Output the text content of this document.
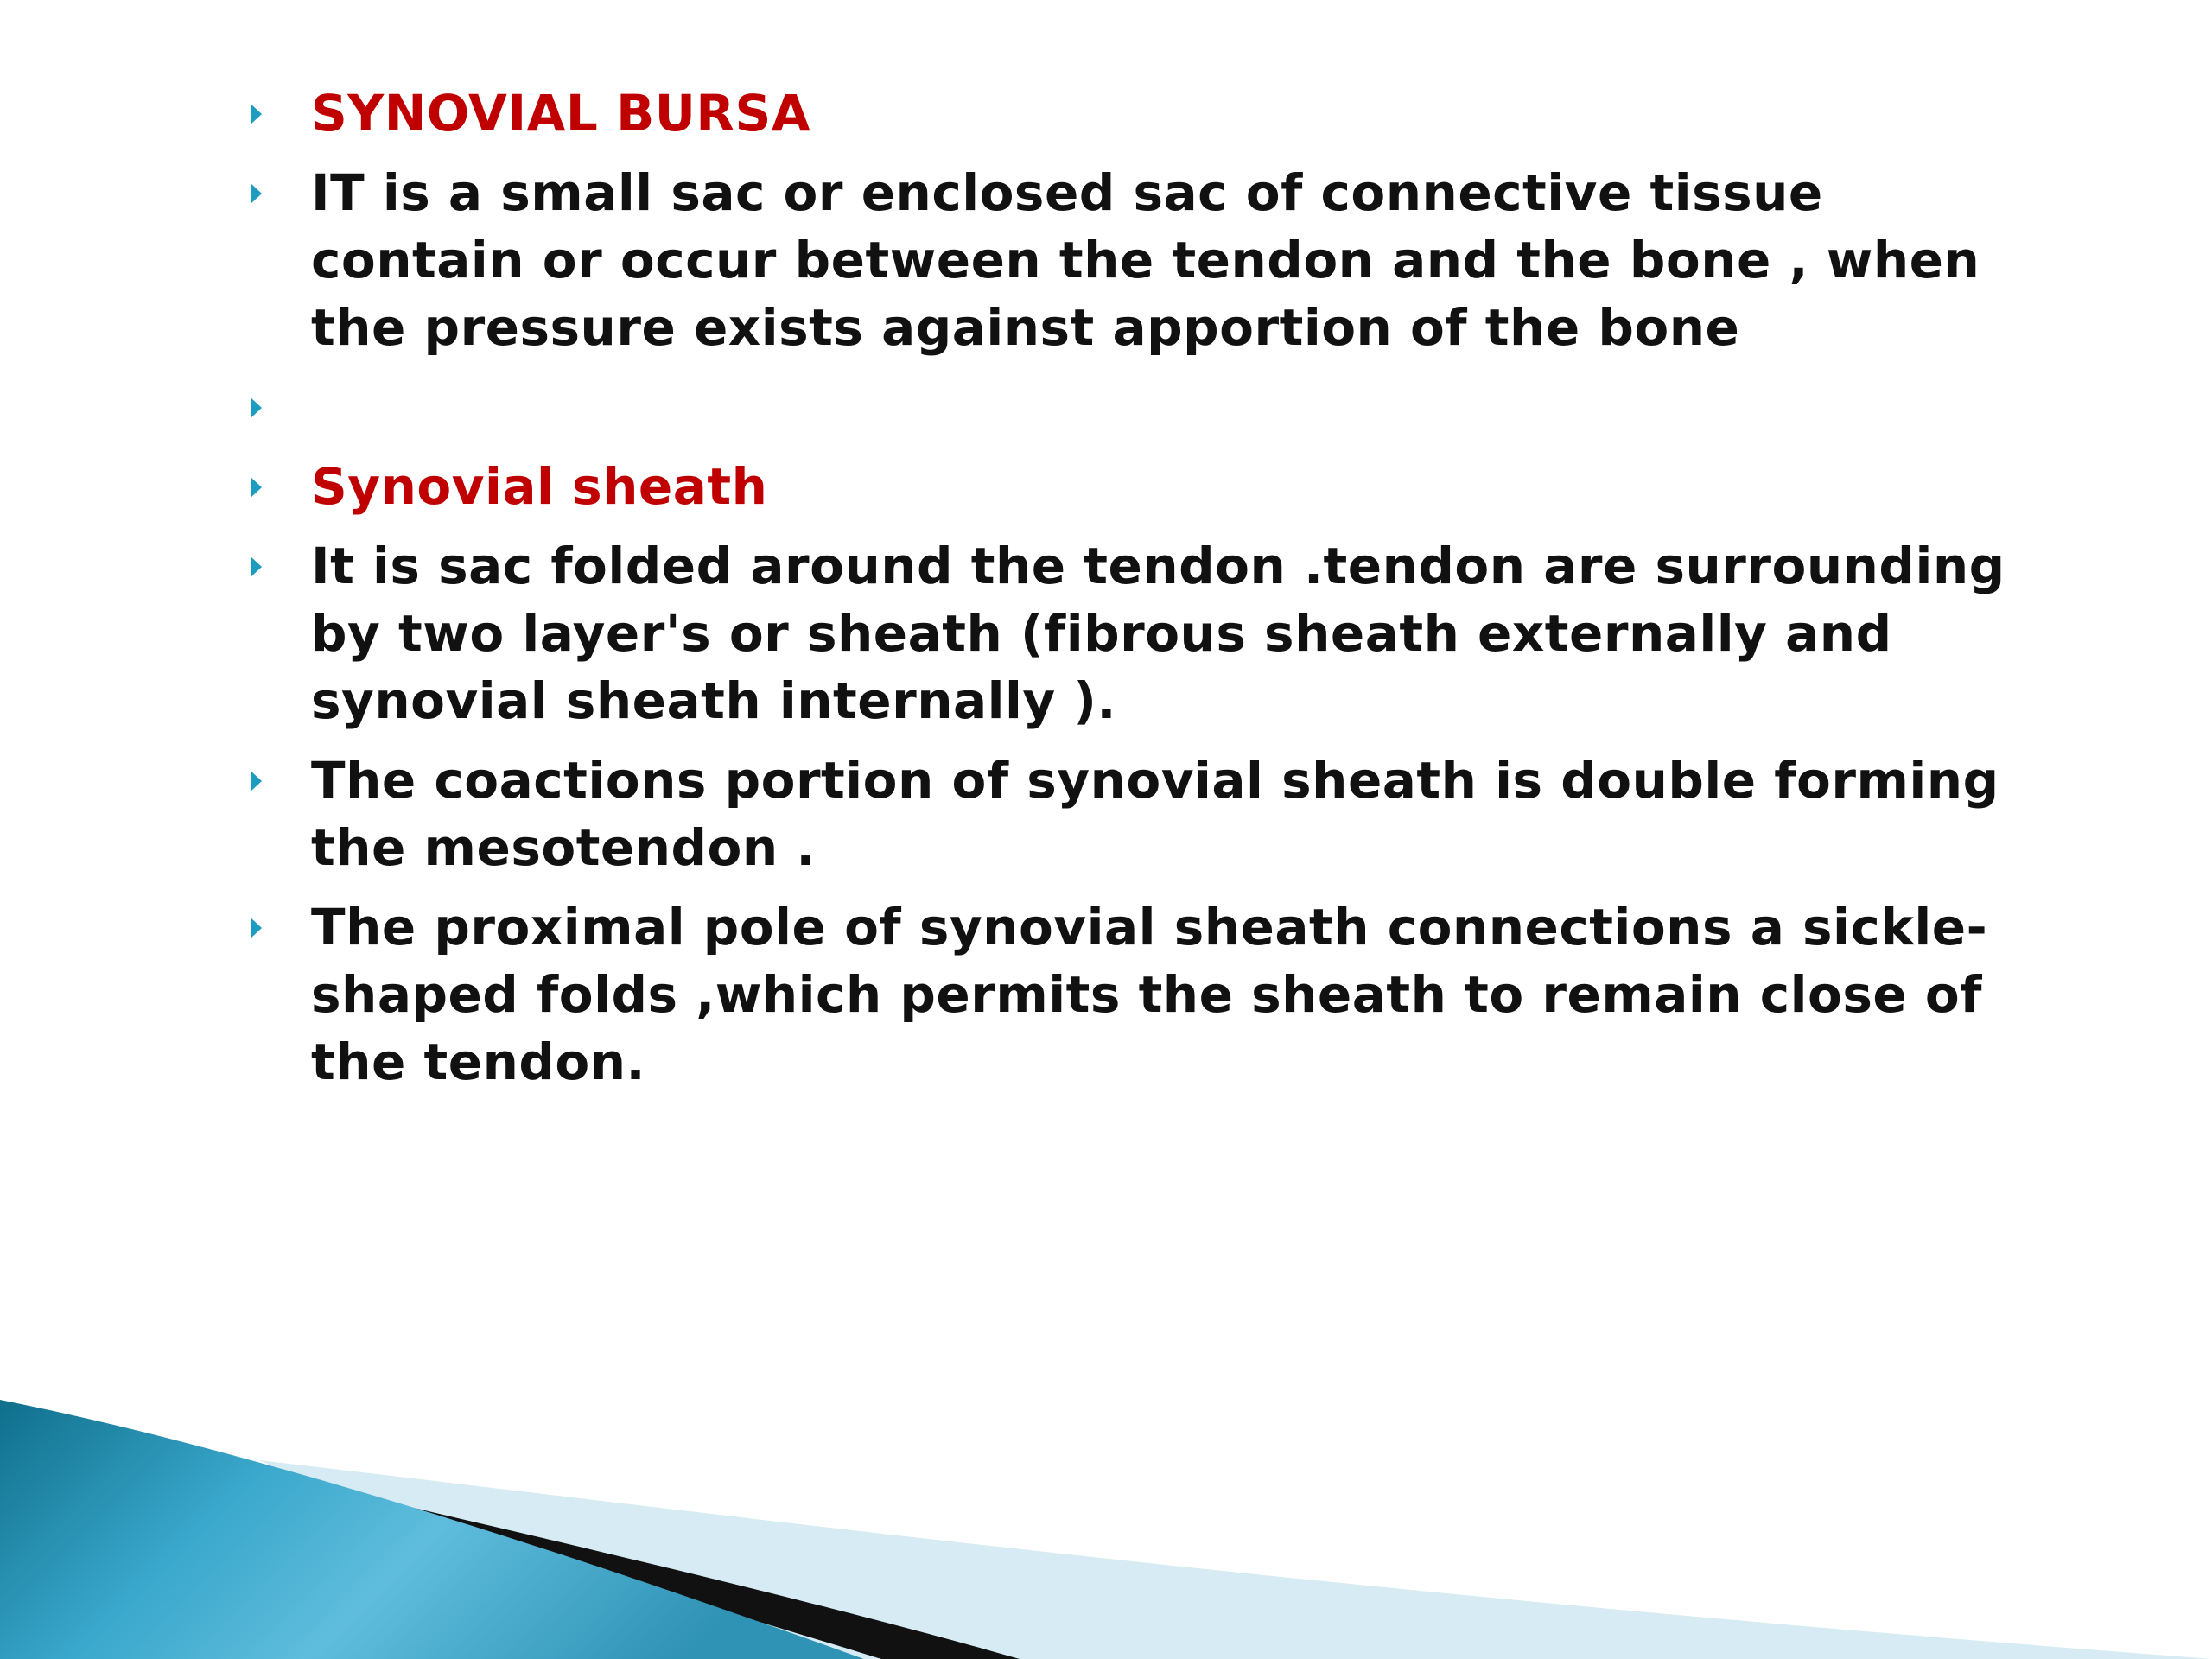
SYNOVIAL BURSA
IT is a small sac or enclosed sac of connective tissue contain or occur between the tendon and the bone , when the pressure exists against apportion of the bone
Synovial sheath
It is sac folded around the tendon .tendon are surrounding by two layer's or sheath (fibrous sheath externally and synovial sheath internally ).
The coactions portion of synovial sheath is double forming the mesotendon .
The proximal pole of synovial sheath connections a sickle- shaped folds ,which permits the sheath to remain close of the tendon.
